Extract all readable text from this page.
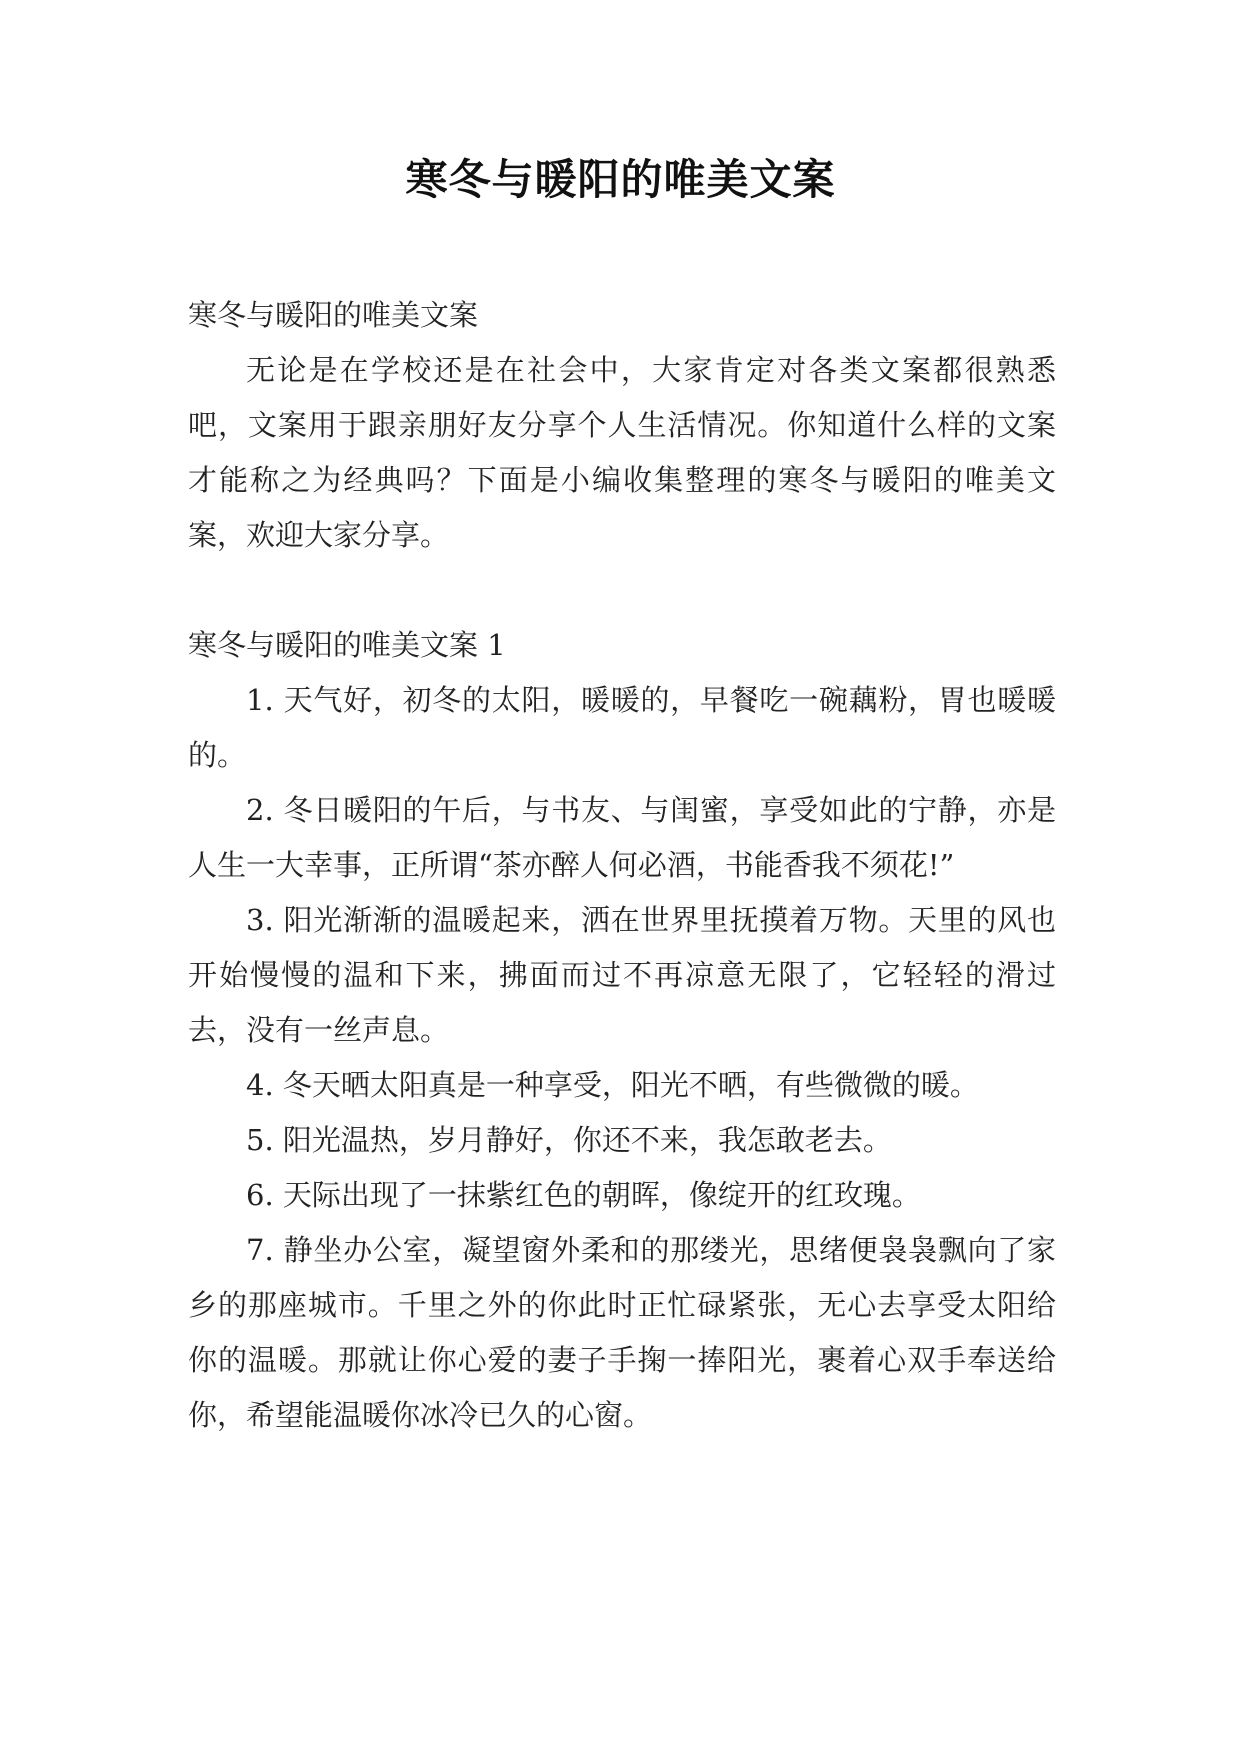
寒冬与暖阳的唯美文案

寒冬与暖阳的唯美文案

无论是在学校还是在社会中，大家肯定对各类文案都很熟悉吧，文案用于跟亲朋好友分享个人生活情况。你知道什么样的文案才能称之为经典吗？下面是小编收集整理的寒冬与暖阳的唯美文案，欢迎大家分享。

寒冬与暖阳的唯美文案 1

1. 天气好，初冬的太阳，暖暖的，早餐吃一碗藕粉，胃也暖暖的。

2. 冬日暖阳的午后，与书友、与闺蜜，享受如此的宁静，亦是人生一大幸事，正所谓“茶亦醉人何必酒，书能香我不须花!”

3. 阳光渐渐的温暖起来，洒在世界里抚摸着万物。天里的风也开始慢慢的温和下来，拂面而过不再凉意无限了，它轻轻的滑过去，没有一丝声息。

4. 冬天晒太阳真是一种享受，阳光不晒，有些微微的暖。

5. 阳光温热，岁月静好，你还不来，我怎敢老去。

6. 天际出现了一抹紫红色的朝晖，像绽开的红玫瑰。

7. 静坐办公室，凝望窗外柔和的那缕光，思绪便袅袅飘向了家乡的那座城市。千里之外的你此时正忙碌紧张，无心去享受太阳给你的温暖。那就让你心爱的妻子手掬一捧阳光，裹着心双手奉送给你，希望能温暖你冰冷已久的心窗。
